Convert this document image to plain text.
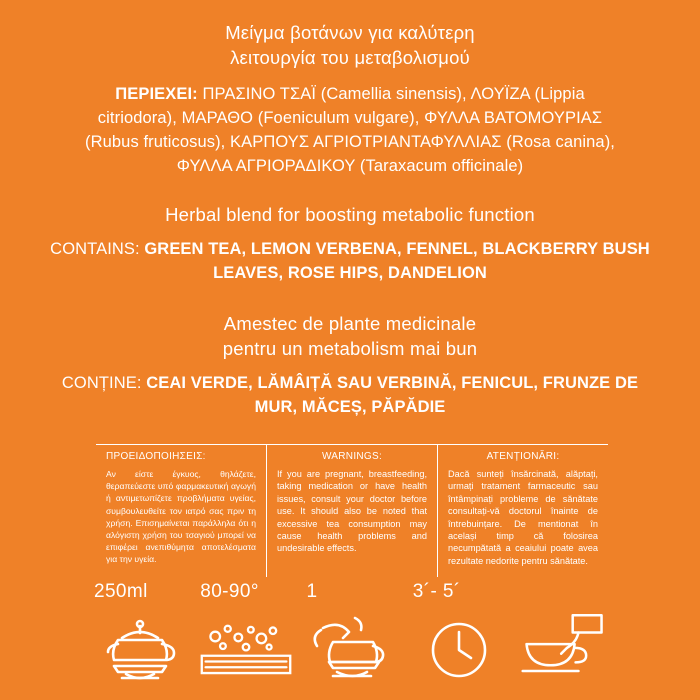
Μείγμα βοτάνων για καλύτερη
λειτουργία του μεταβολισμού
ΠΕΡΙΕΧΕΙ: ΠΡΑΣΙΝΟ ΤΣΑΪ (Camellia sinensis), ΛΟΥΪΖΑ (Lippia citriodora), ΜΑΡΑΘΟ (Foeniculum vulgare), ΦΥΛΛΑ ΒΑΤΟΜΟΥΡΙΑΣ (Rubus fruticosus), ΚΑΡΠΟΥΣ ΑΓΡΙΟΤΡΙΑΝΤΑΦΥΛΛΙΑΣ (Rosa canina), ΦΥΛΛΑ ΑΓΡΙΟΡΑΔΙΚΟΥ (Taraxacum officinale)
Herbal blend for boosting metabolic function
CONTAINS: GREEN TEA, LEMON VERBENA, FENNEL, BLACKBERRY BUSH LEAVES, ROSE HIPS, DANDELION
Amestec de plante medicinale
pentru un metabolism mai bun
CONȚINE: CEAI VERDE, LĂMÂIȚĂ SAU VERBINĂ, FENICUL, FRUNZE DE MUR, MĂCEȘ, PĂPĂDIE
ΠΡΟΕΙΔΟΠΟΙΗΣΕΙΣ:
Αν είστε έγκυος, θηλάζετε, θεραπεύεστε υπό φαρμακευτική αγωγή ή αντιμετωπίζετε προβλήματα υγείας, συμβουλευθείτε τον ιατρό σας πριν τη χρήση. Επισημαίνεται παράλληλα ότι η αλόγιστη χρήση του τσαγιού μπορεί να επιφέρει ανεπιθύμητα αποτελέσματα για την υγεία.
WARNINGS:
If you are pregnant, breastfeeding, taking medication or have health issues, consult your doctor before use. It should also be noted that excessive tea consumption may cause health problems and undesirable effects.
ATENȚIONĂRI:
Dacă sunteți însărcinată, alăptați, urmați tratament farmaceutic sau întâmpinați probleme de sănătate consultați-vă doctorul înainte de întrebuințare. De mentionat în același timp că folosirea necumpătată a ceaiului poate avea rezultate nedorite pentru sănătate.
250ml	80-90°	1	3´- 5´
